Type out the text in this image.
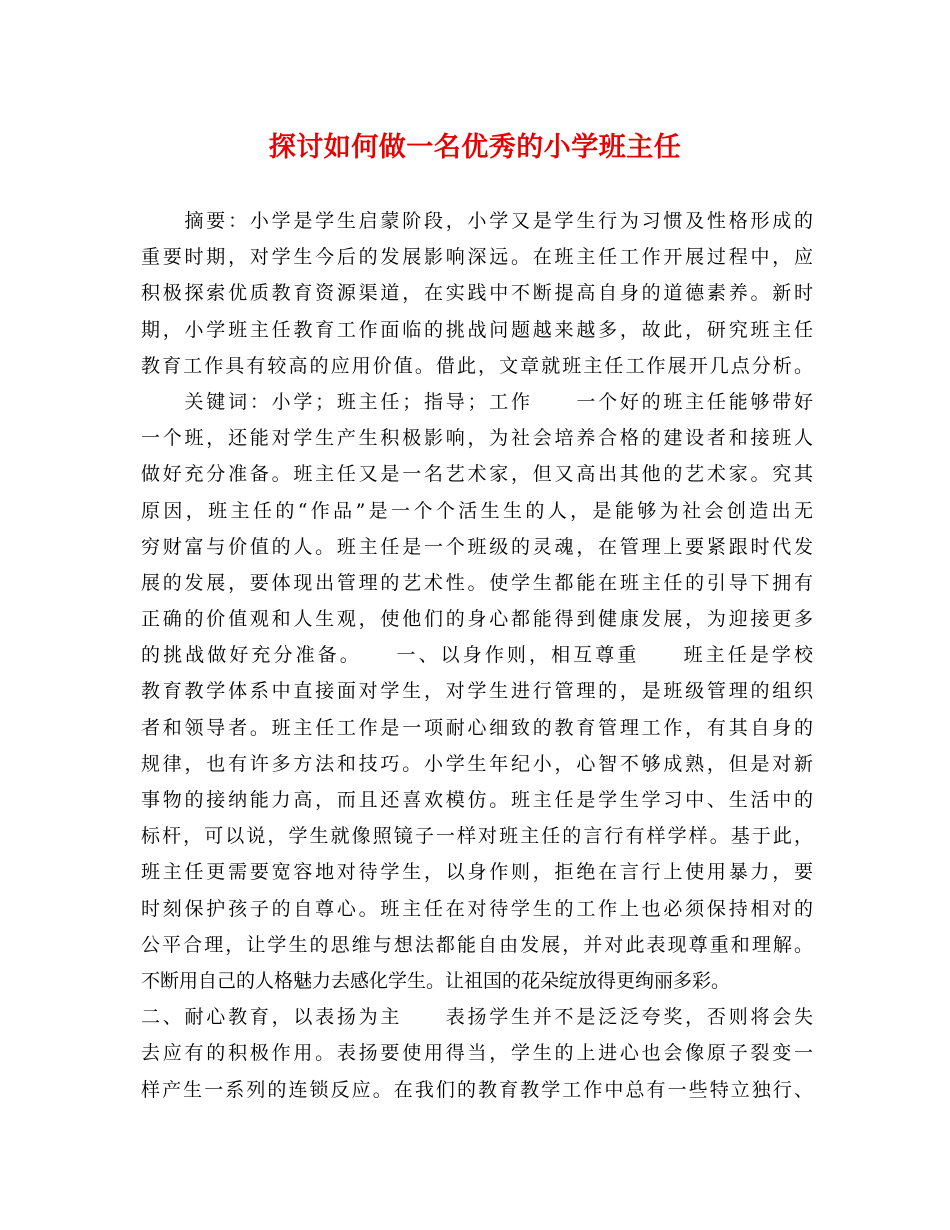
探讨如何做一名优秀的小学班主任
　　摘要：小学是学生启蒙阶段，小学又是学生行为习惯及性格形成的
重要时期，对学生今后的发展影响深远。在班主任工作开展过程中，应
积极探索优质教育资源渠道，在实践中不断提高自身的道德素养。新时
期，小学班主任教育工作面临的挑战问题越来越多，故此，研究班主任
教育工作具有较高的应用价值。借此，文章就班主任工作展开几点分析。
　　关键词：小学；班主任；指导；工作　　一个好的班主任能够带好
一个班，还能对学生产生积极影响，为社会培养合格的建设者和接班人
做好充分准备。班主任又是一名艺术家，但又高出其他的艺术家。究其
原因，班主任的“作品”是一个个活生生的人，是能够为社会创造出无
穷财富与价值的人。班主任是一个班级的灵魂，在管理上要紧跟时代发
展的发展，要体现出管理的艺术性。使学生都能在班主任的引导下拥有
正确的价值观和人生观，使他们的身心都能得到健康发展，为迎接更多
的挑战做好充分准备。　　一、以身作则，相互尊重　　班主任是学校
教育教学体系中直接面对学生，对学生进行管理的，是班级管理的组织
者和领导者。班主任工作是一项耐心细致的教育管理工作，有其自身的
规律，也有许多方法和技巧。小学生年纪小，心智不够成熟，但是对新
事物的接纳能力高，而且还喜欢模仿。班主任是学生学习中、生活中的
标杆，可以说，学生就像照镜子一样对班主任的言行有样学样。基于此，
班主任更需要宽容地对待学生，以身作则，拒绝在言行上使用暴力，要
时刻保护孩子的自尊心。班主任在对待学生的工作上也必须保持相对的
公平合理，让学生的思维与想法都能自由发展，并对此表现尊重和理解。
不断用自己的人格魅力去感化学生。让祖国的花朵绽放得更绚丽多彩。
二、耐心教育，以表扬为主　　表扬学生并不是泛泛夸奖，否则将会失
去应有的积极作用。表扬要使用得当，学生的上进心也会像原子裂变一
样产生一系列的连锁反应。在我们的教育教学工作中总有一些特立独行、
